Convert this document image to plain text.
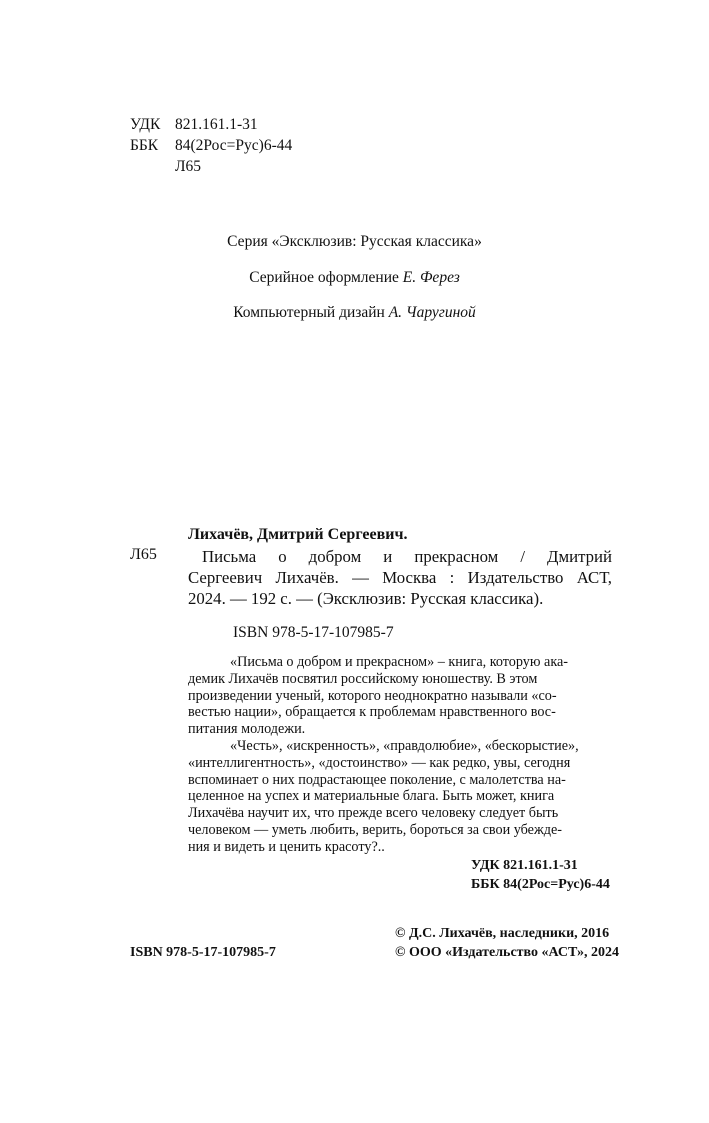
УДК 821.161.1-31
ББК	84(2Рос=Рус)6-44
Л65
Серия «Эксклюзив: Русская классика»
Серийное оформление Е. Ферез
Компьютерный дизайн А. Чаругиной
Лихачёв, Дмитрий Сергеевич.
Л65	Письма о добром и прекрасном / Дмитрий

Сергеевич Лихачёв. — Москва : Издательство АСТ,

2024. — 192 с. — (Эксклюзив: Русская классика).

ISBN 978-5-17-107985-7

«Письма о добром и прекрасном» – книга, которую ака-

демик Лихачёв посвятил российскому юношеству. В этом

произведении ученый, которого неоднократно называли «со-

вестью нации», обращается к проблемам нравственного вос-

питания молодежи.

«Честь», «искренность», «правдолюбие», «бескорыстие»,

«интеллигентность», «достоинство» — как редко, увы, сегодня

вспоминает о них подрастающее поколение, с малолетства на-

целенное на успех и материальные блага. Быть может, книга

Лихачёва научит их, что прежде всего человеку следует быть

человеком — уметь любить, верить, бороться за свои убежде-

ния и видеть и ценить красоту?..

УДК 821.161.1-31
ББК 84(2Рос=Рус)6-44
ISBN 978-5-17-107985-7
© Д.С. Лихачёв, наследники, 2016
© ООО «Издательство «АСТ», 2024
